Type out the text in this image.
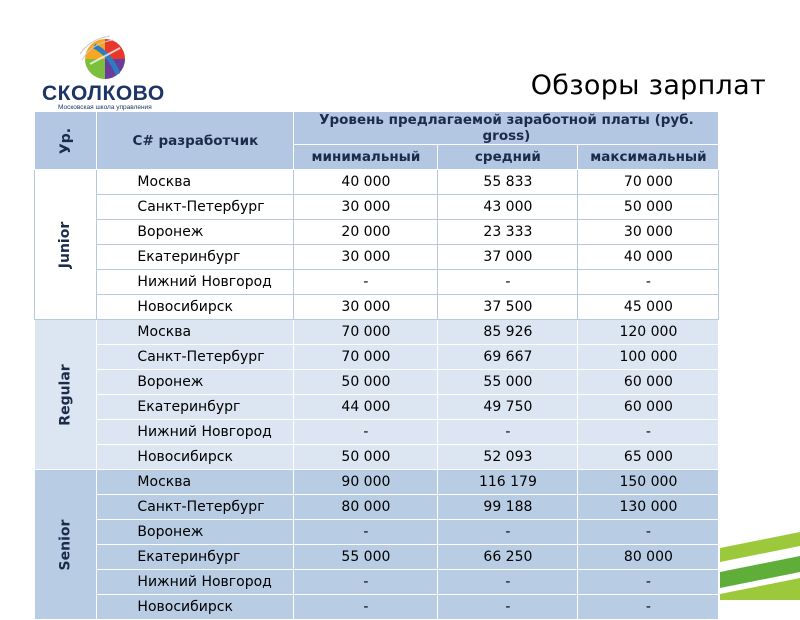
СКОЛКОВО
Московская школа управления
Обзоры зарплат
Ур.	C# разработчик	Уровень предлагаемой заработной платы (руб. gross)		
		минимальный	средний	максимальный
Junior	Москва	40 000	55 833	70 000
	Санкт-Петербург	30 000	43 000	50 000
	Воронеж	20 000	23 333	30 000
	Екатеринбург	30 000	37 000	40 000
	Нижний Новгород	-	-	-
	Новосибирск	30 000	37 500	45 000
Regular	Москва	70 000	85 926	120 000
	Санкт-Петербург	70 000	69 667	100 000
	Воронеж	50 000	55 000	60 000
	Екатеринбург	44 000	49 750	60 000
	Нижний Новгород	-	-	-
	Новосибирск	50 000	52 093	65 000
Senior	Москва	90 000	116 179	150 000
	Санкт-Петербург	80 000	99 188	130 000
	Воронеж	-	-	-
	Екатеринбург	55 000	66 250	80 000
	Нижний Новгород	-	-	-
	Новосибирск	-	-	-
